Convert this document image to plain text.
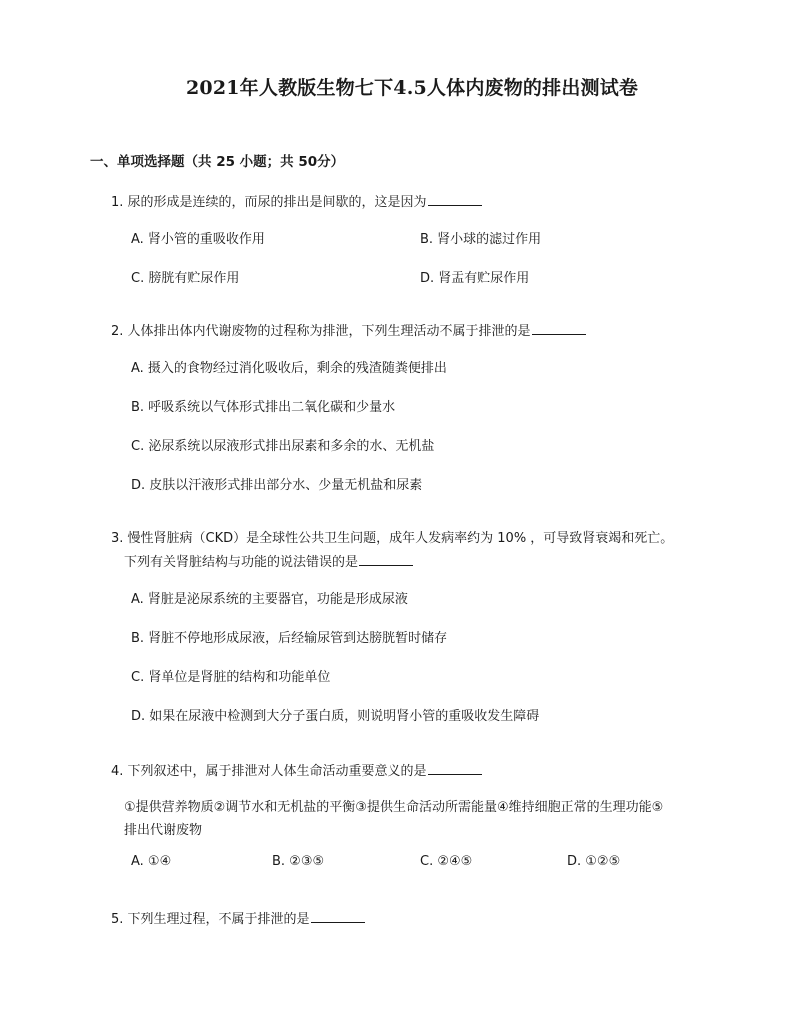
2021年人教版生物七下4.5人体内废物的排出测试卷
一、单项选择题（共 25 小题；共 50分）
1. 尿的形成是连续的，而尿的排出是间歇的，这是因为
A. 肾小管的重吸收作用	B. 肾小球的滤过作用
C. 膀胱有贮尿作用	D. 肾盂有贮尿作用
2. 人体排出体内代谢废物的过程称为排泄，下列生理活动不属于排泄的是
A. 摄入的食物经过消化吸收后，剩余的残渣随粪便排出
B. 呼吸系统以气体形式排出二氧化碳和少量水
C. 泌尿系统以尿液形式排出尿素和多余的水、无机盐
D. 皮肤以汗液形式排出部分水、少量无机盐和尿素
3. 慢性肾脏病（CKD）是全球性公共卫生问题，成年人发病率约为 10% ，可导致肾衰竭和死亡。
下列有关肾脏结构与功能的说法错误的是
A. 肾脏是泌尿系统的主要器官，功能是形成尿液
B. 肾脏不停地形成尿液，后经输尿管到达膀胱暂时储存
C. 肾单位是肾脏的结构和功能单位
D. 如果在尿液中检测到大分子蛋白质，则说明肾小管的重吸收发生障碍
4. 下列叙述中，属于排泄对人体生命活动重要意义的是
①提供营养物质②调节水和无机盐的平衡③提供生命活动所需能量④维持细胞正常的生理功能⑤
排出代谢废物
A. ①④	B. ②③⑤	C. ②④⑤	D. ①②⑤
5. 下列生理过程，不属于排泄的是
